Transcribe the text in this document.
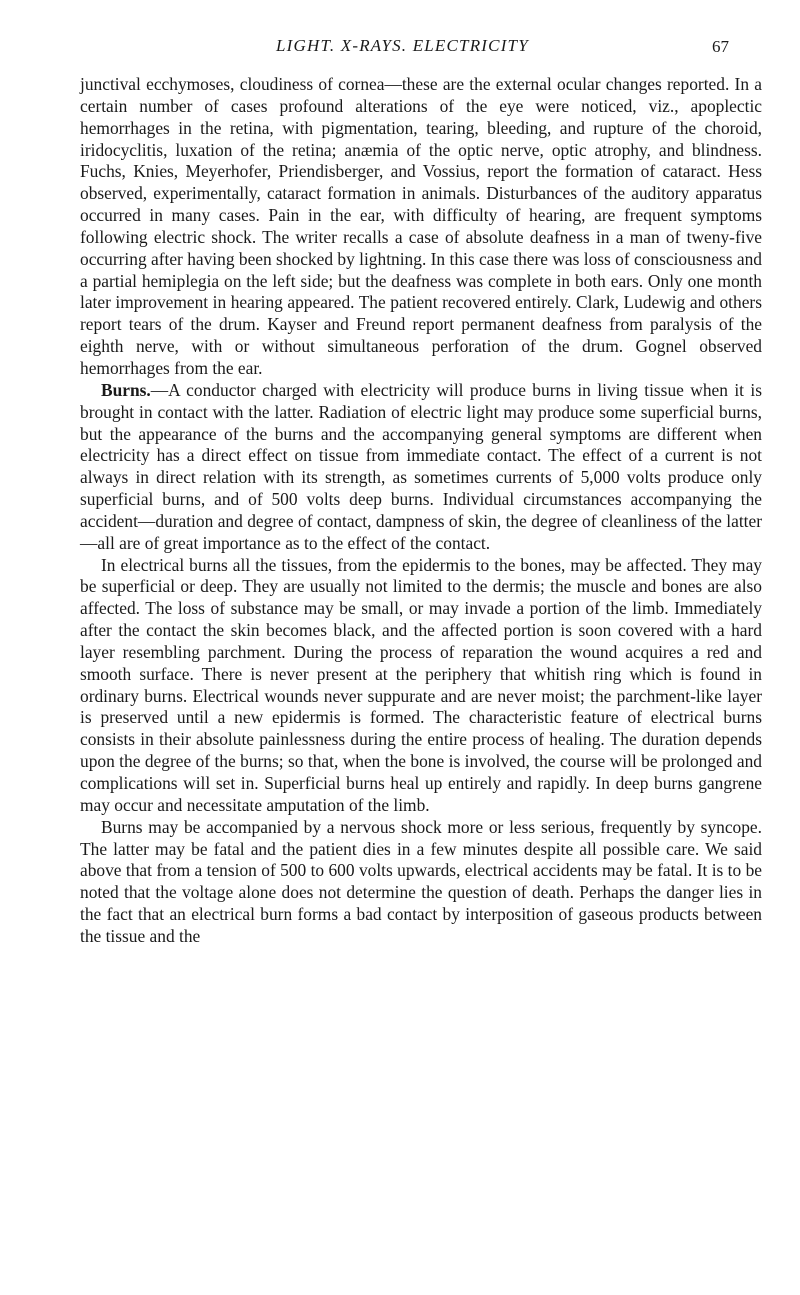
LIGHT. X-RAYS. ELECTRICITY	67

junctival ecchymoses, cloudiness of cornea—these are the external ocular changes reported. In a certain number of cases profound alterations of the eye were noticed, viz., apoplectic hemorrhages in the retina, with pigmentation, tearing, bleeding, and rupture of the choroid, iridocyclitis, luxation of the retina; anæmia of the optic nerve, optic atrophy, and blindness. Fuchs, Knies, Meyerhofer, Priendisberger, and Vossius, report the formation of cataract. Hess observed, experimentally, cataract formation in animals. Disturbances of the auditory apparatus occurred in many cases. Pain in the ear, with difficulty of hearing, are frequent symptoms following electric shock. The writer recalls a case of absolute deafness in a man of tweny-five occurring after having been shocked by lightning. In this case there was loss of consciousness and a partial hemiplegia on the left side; but the deafness was complete in both ears. Only one month later improvement in hearing appeared. The patient recovered entirely. Clark, Ludewig and others report tears of the drum. Kayser and Freund report permanent deafness from paralysis of the eighth nerve, with or without simultaneous perforation of the drum. Gognel observed hemorrhages from the ear.

Burns.—A conductor charged with electricity will produce burns in living tissue when it is brought in contact with the latter. Radiation of electric light may produce some superficial burns, but the appearance of the burns and the accompanying general symptoms are different when electricity has a direct effect on tissue from immediate contact. The effect of a current is not always in direct relation with its strength, as sometimes currents of 5,000 volts produce only superficial burns, and of 500 volts deep burns. Individual circumstances accompanying the accident—duration and degree of contact, dampness of skin, the degree of cleanliness of the latter—all are of great importance as to the effect of the contact.

In electrical burns all the tissues, from the epidermis to the bones, may be affected. They may be superficial or deep. They are usually not limited to the dermis; the muscle and bones are also affected. The loss of substance may be small, or may invade a portion of the limb. Immediately after the contact the skin becomes black, and the affected portion is soon covered with a hard layer resembling parchment. During the process of reparation the wound acquires a red and smooth surface. There is never present at the periphery that whitish ring which is found in ordinary burns. Electrical wounds never suppurate and are never moist; the parchment-like layer is preserved until a new epidermis is formed. The characteristic feature of electrical burns consists in their absolute painlessness during the entire process of healing. The duration depends upon the degree of the burns; so that, when the bone is involved, the course will be prolonged and complications will set in. Superficial burns heal up entirely and rapidly. In deep burns gangrene may occur and necessitate amputation of the limb.

Burns may be accompanied by a nervous shock more or less serious, frequently by syncope. The latter may be fatal and the patient dies in a few minutes despite all possible care. We said above that from a tension of 500 to 600 volts upwards, electrical accidents may be fatal. It is to be noted that the voltage alone does not determine the question of death. Perhaps the danger lies in the fact that an electrical burn forms a bad contact by interposition of gaseous products between the tissue and the
